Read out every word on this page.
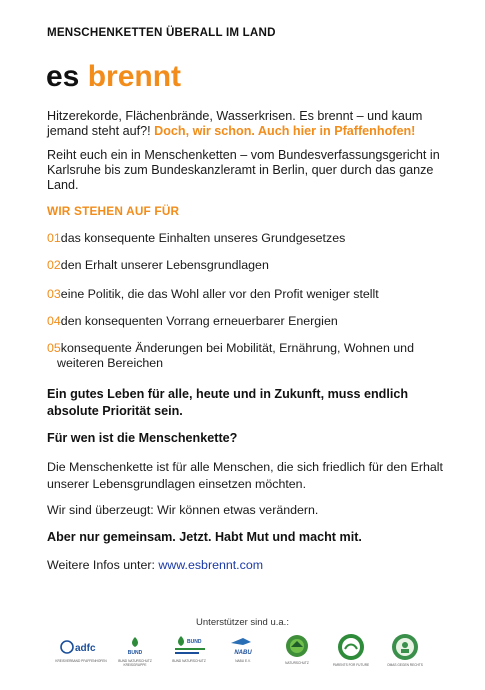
MENSCHENKETTEN ÜBERALL IM LAND
es brennt
Hitzerekorde, Flächenbrände, Wasserkrisen. Es brennt – und kaum jemand steht auf?! Doch, wir schon. Auch hier in Pfaffenhofen!
Reiht euch ein in Menschenketten – vom Bundesverfassungsgericht in Karlsruhe bis zum Bundeskanzleramt in Berlin, quer durch das ganze Land.
WIR STEHEN AUF FÜR
01 das konsequente Einhalten unseres Grundgesetzes
02 den Erhalt unserer Lebensgrundlagen
03 eine Politik, die das Wohl aller vor den Profit weniger stellt
04 den konsequenten Vorrang erneuerbarer Energien
05 konsequente Änderungen bei Mobilität, Ernährung, Wohnen und
weiteren Bereichen
Ein gutes Leben für alle, heute und in Zukunft, muss endlich absolute Priorität sein.
Für wen ist die Menschenkette?
Die Menschenkette ist für alle Menschen, die sich friedlich für den Erhalt unserer Lebensgrundlagen einsetzen möchten.
Wir sind überzeugt: Wir können etwas verändern.
Aber nur gemeinsam. Jetzt. Habt Mut und macht mit.
Weitere Infos unter: www.esbrennt.com
Unterstützer sind u.a.:
adfc
KREISVERBAND PFAFFENHOFEN
BUND
BUND NATURSCHUTZ KREISGRUPPE
BUND
BUND NATURSCHUTZ
NABU
NABU E.V.	NATURSCHUTZ	PARENTS FOR FUTURE	OMAS GEGEN RECHTS
